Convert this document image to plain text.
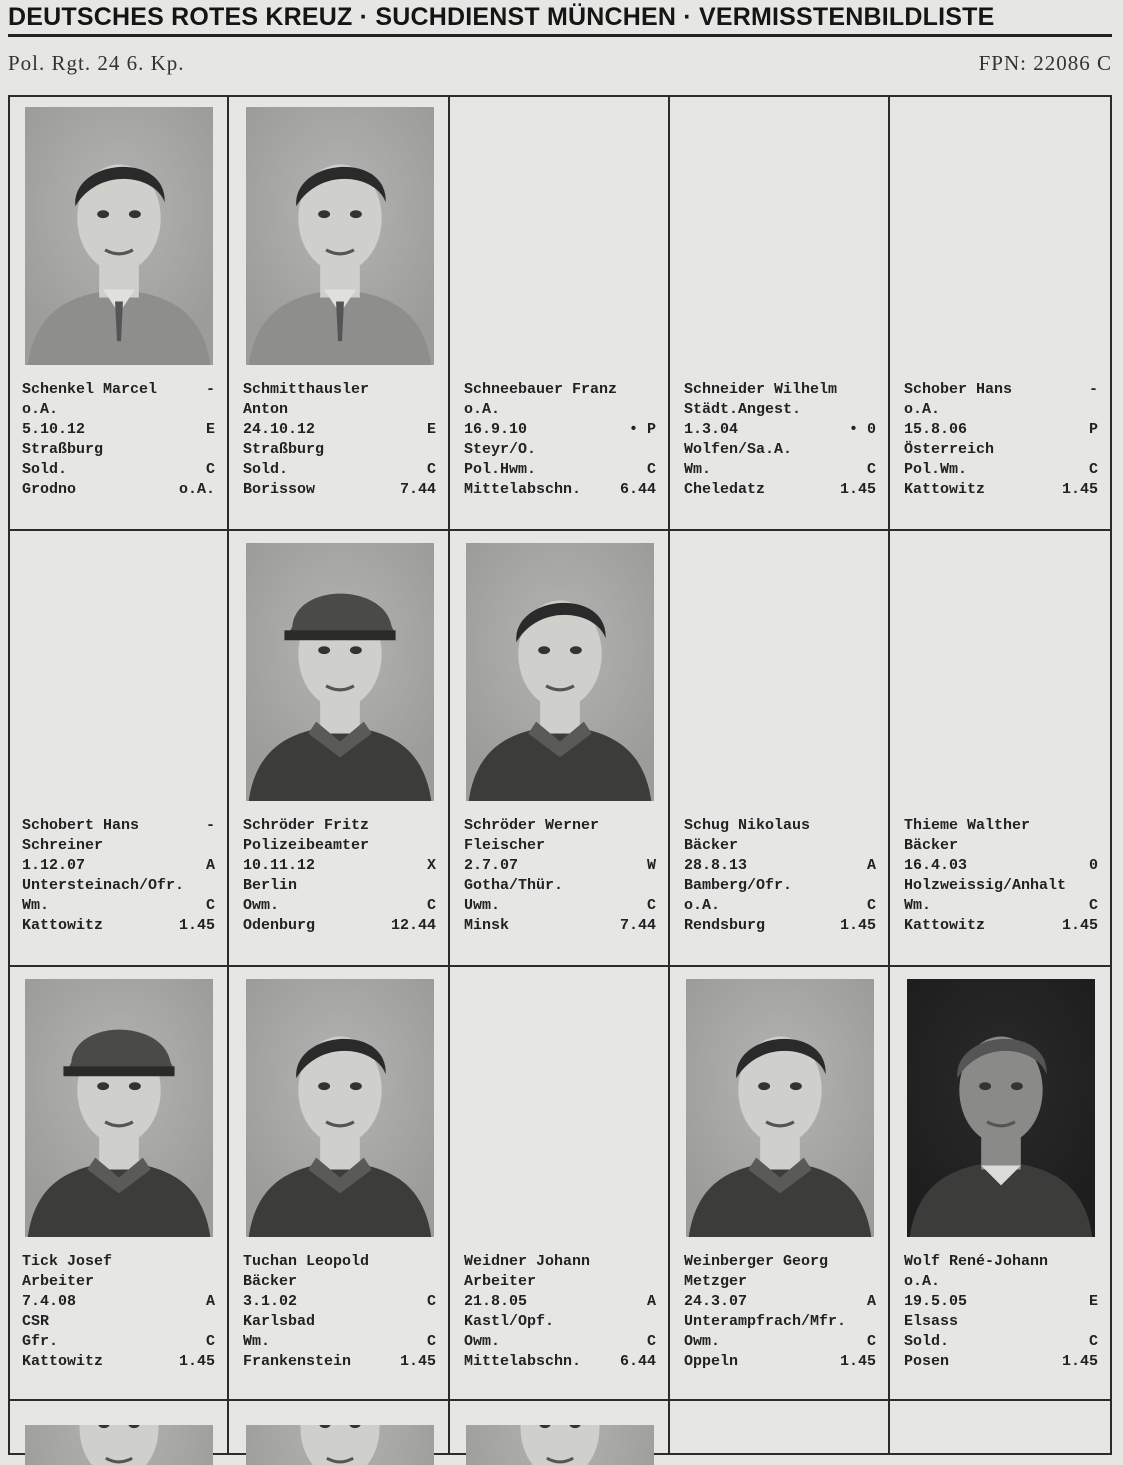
DEUTSCHES ROTES KREUZ · SUCHDIENST MÜNCHEN · VERMISSTENBILDLISTE
Pol. Rgt. 24 6. Kp.	FPN: 22086 C
Schenkel Marcel	-
o.A.
5.10.12	E
Straßburg
Sold.	C
Grodno	o.A.
Schmitthausler
Anton
24.10.12	E
Straßburg
Sold.	C
Borissow	7.44
Schneebauer Franz
o.A.
16.9.10	• P
Steyr/O.
Pol.Hwm.	C
Mittelabschn.	6.44
Schneider Wilhelm
Städt.Angest.
1.3.04	• 0
Wolfen/Sa.A.
Wm.	C
Cheledatz	1.45
Schober Hans	-
o.A.
15.8.06	P
Österreich
Pol.Wm.	C
Kattowitz	1.45
Schobert Hans	-
Schreiner
1.12.07	A
Untersteinach/Ofr.
Wm.	C
Kattowitz	1.45
Schröder Fritz
Polizeibeamter
10.11.12	X
Berlin
Owm.	C
Odenburg	12.44
Schröder Werner
Fleischer
2.7.07	W
Gotha/Thür.
Uwm.	C
Minsk	7.44
Schug Nikolaus
Bäcker
28.8.13	A
Bamberg/Ofr.
o.A.	C
Rendsburg	1.45
Thieme Walther
Bäcker
16.4.03	0
Holzweissig/Anhalt
Wm.	C
Kattowitz	1.45
Tick Josef
Arbeiter
7.4.08	A
CSR
Gfr.	C
Kattowitz	1.45
Tuchan Leopold
Bäcker
3.1.02	C
Karlsbad
Wm.	C
Frankenstein	1.45
Weidner Johann
Arbeiter
21.8.05	A
Kastl/Opf.
Owm.	C
Mittelabschn.	6.44
Weinberger Georg
Metzger
24.3.07	A
Unterampfrach/Mfr.
Owm.	C
Oppeln	1.45
Wolf René-Johann
o.A.
19.5.05	E
Elsass
Sold.	C
Posen	1.45
